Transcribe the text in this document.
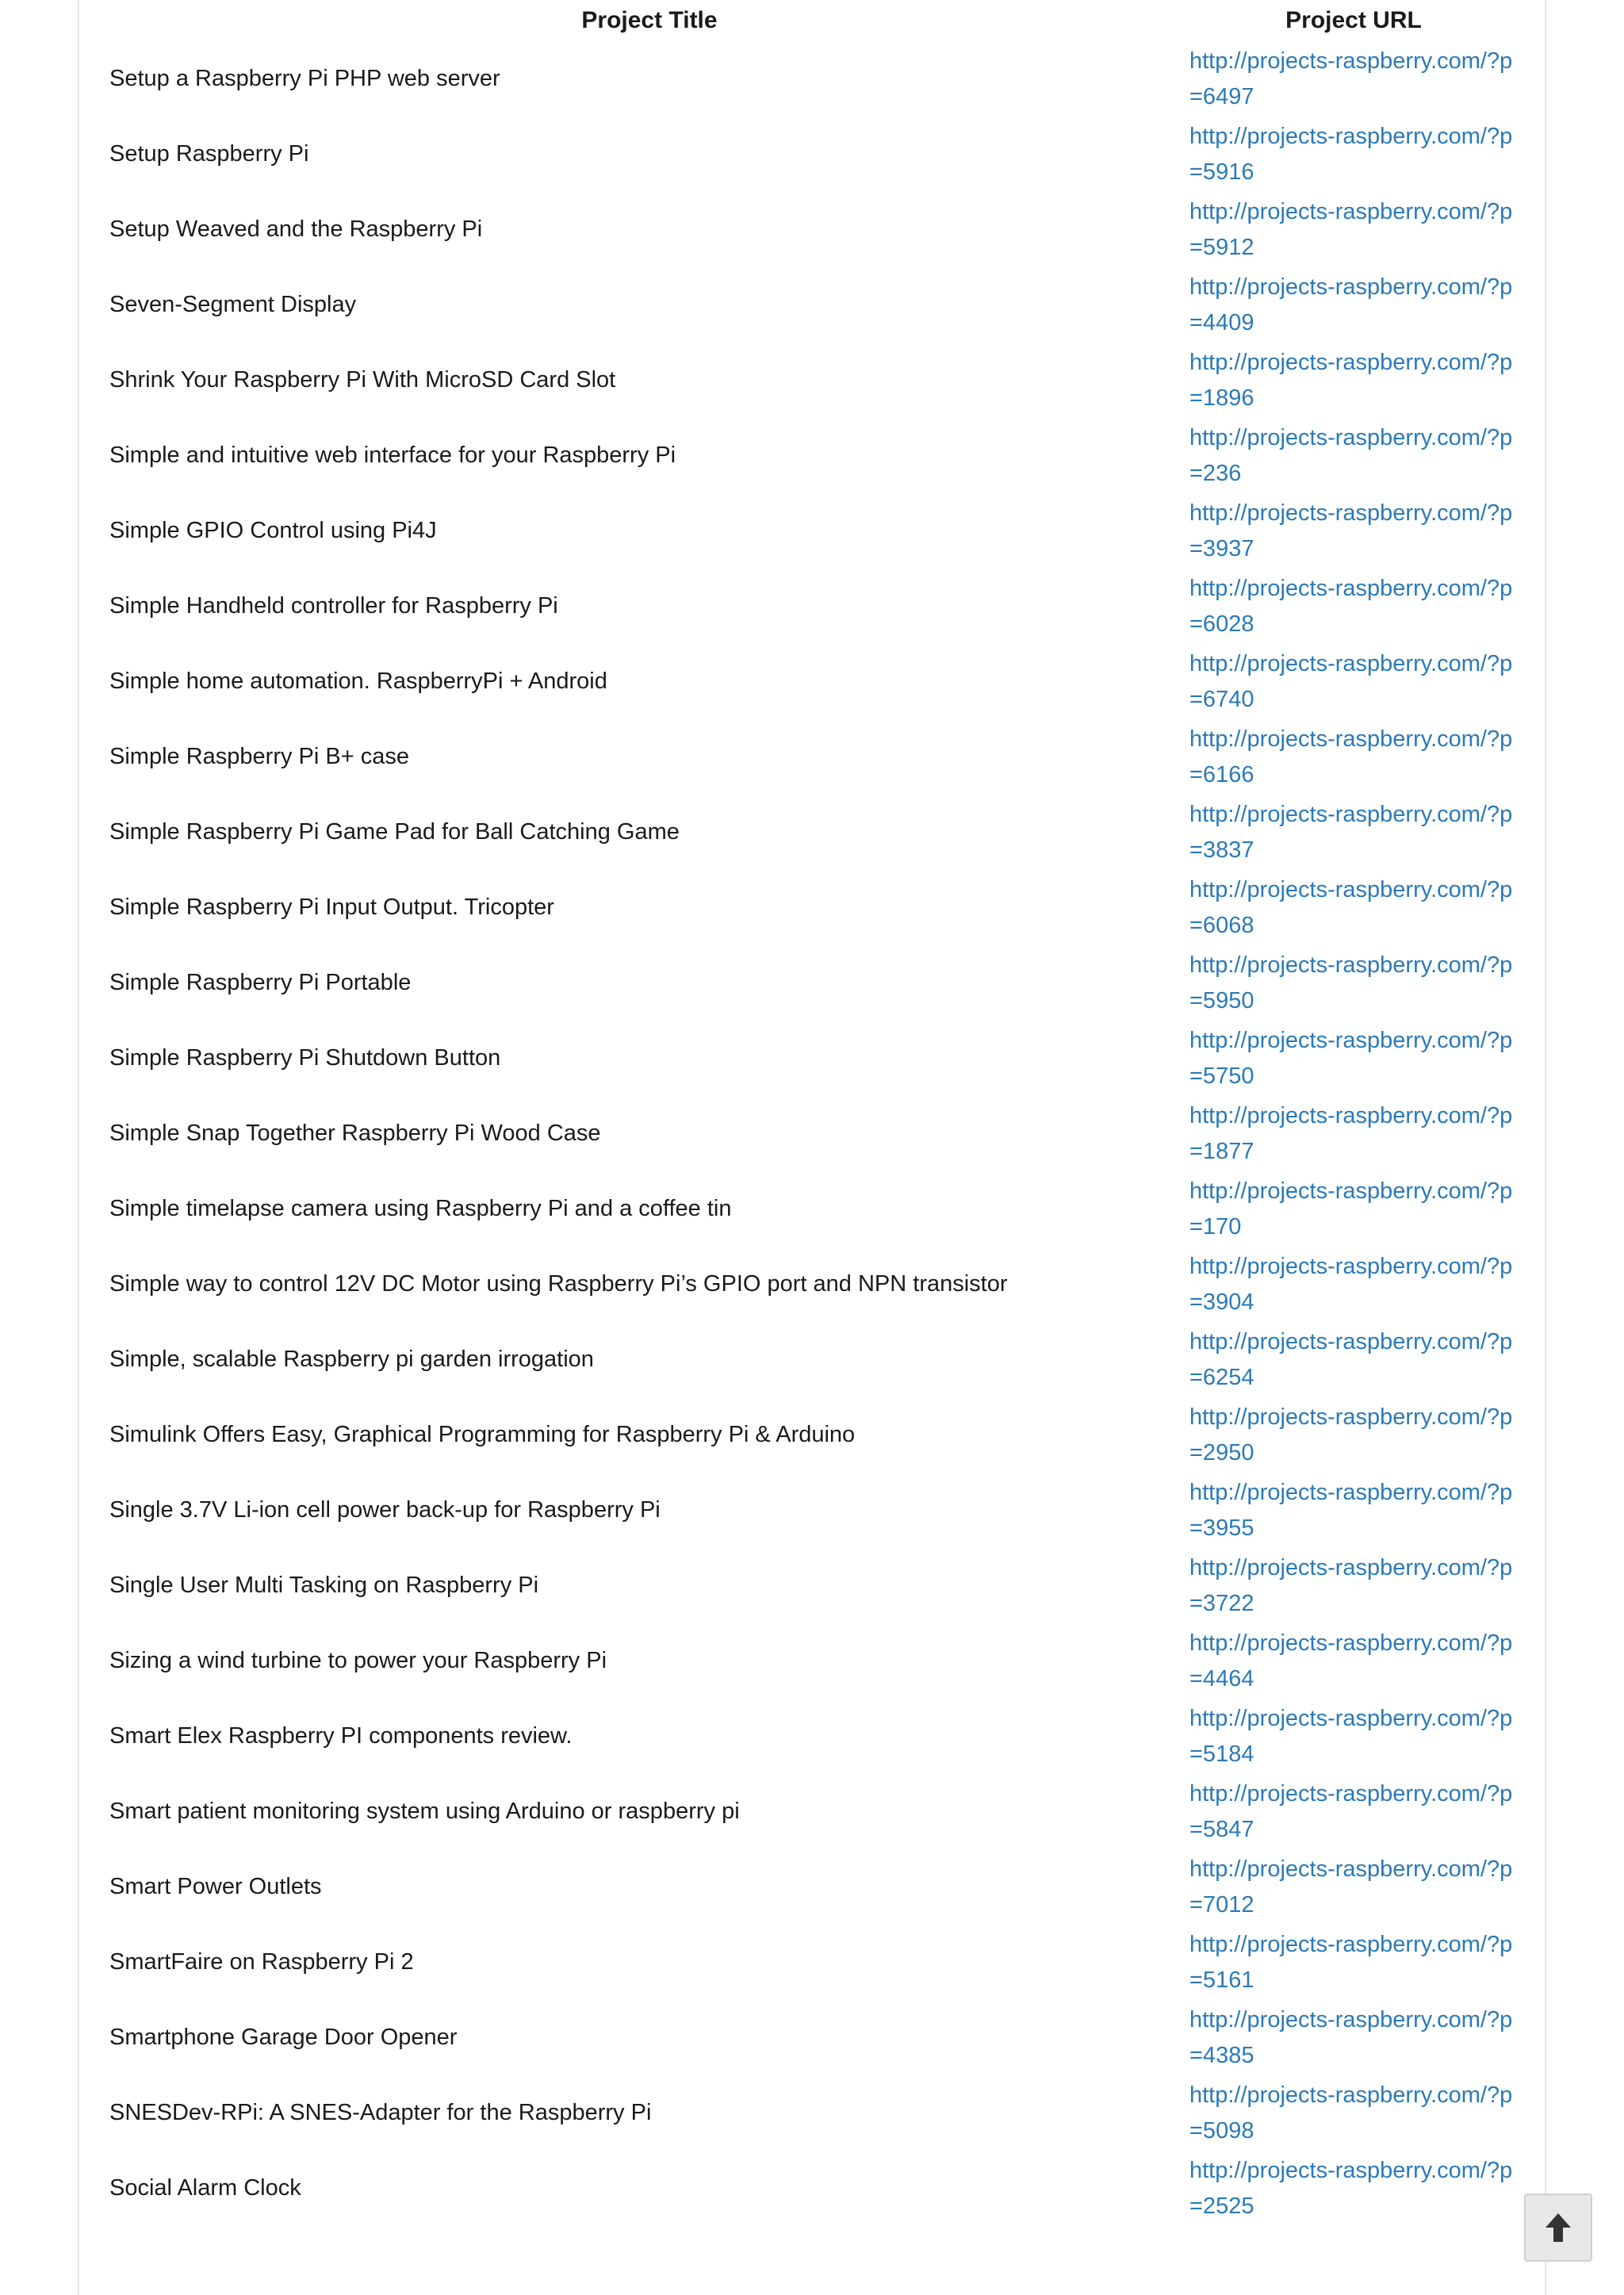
Project Title	Project URL
Setup a Raspberry Pi PHP web server	http://projects-raspberry.com/?p=6497

Setup Raspberry Pi	http://projects-raspberry.com/?p=5916

Setup Weaved and the Raspberry Pi	http://projects-raspberry.com/?p=5912

Seven-Segment Display	http://projects-raspberry.com/?p=4409

Shrink Your Raspberry Pi With MicroSD Card Slot	http://projects-raspberry.com/?p=1896

Simple and intuitive web interface for your Raspberry Pi	http://projects-raspberry.com/?p=236

Simple GPIO Control using Pi4J	http://projects-raspberry.com/?p=3937

Simple Handheld controller for Raspberry Pi	http://projects-raspberry.com/?p=6028

Simple home automation. RaspberryPi + Android	http://projects-raspberry.com/?p=6740

Simple Raspberry Pi B+ case	http://projects-raspberry.com/?p=6166

Simple Raspberry Pi Game Pad for Ball Catching Game	http://projects-raspberry.com/?p=3837

Simple Raspberry Pi Input Output. Tricopter	http://projects-raspberry.com/?p=6068

Simple Raspberry Pi Portable	http://projects-raspberry.com/?p=5950

Simple Raspberry Pi Shutdown Button	http://projects-raspberry.com/?p=5750

Simple Snap Together Raspberry Pi Wood Case	http://projects-raspberry.com/?p=1877

Simple timelapse camera using Raspberry Pi and a coffee tin	http://projects-raspberry.com/?p=170

Simple way to control 12V DC Motor using Raspberry Pi’s GPIO port and NPN transistor	http://projects-raspberry.com/?p=3904

Simple, scalable Raspberry pi garden irrogation	http://projects-raspberry.com/?p=6254

Simulink Offers Easy, Graphical Programming for Raspberry Pi & Arduino	http://projects-raspberry.com/?p=2950

Single 3.7V Li-ion cell power back-up for Raspberry Pi	http://projects-raspberry.com/?p=3955

Single User Multi Tasking on Raspberry Pi	http://projects-raspberry.com/?p=3722

Sizing a wind turbine to power your Raspberry Pi	http://projects-raspberry.com/?p=4464

Smart Elex Raspberry PI components review.	http://projects-raspberry.com/?p=5184

Smart patient monitoring system using Arduino or raspberry pi	http://projects-raspberry.com/?p=5847

Smart Power Outlets	http://projects-raspberry.com/?p=7012

SmartFaire on Raspberry Pi 2	http://projects-raspberry.com/?p=5161

Smartphone Garage Door Opener	http://projects-raspberry.com/?p=4385

SNESDev-RPi: A SNES-Adapter for the Raspberry Pi	http://projects-raspberry.com/?p=5098

Social Alarm Clock	http://projects-raspberry.com/?p=2525
